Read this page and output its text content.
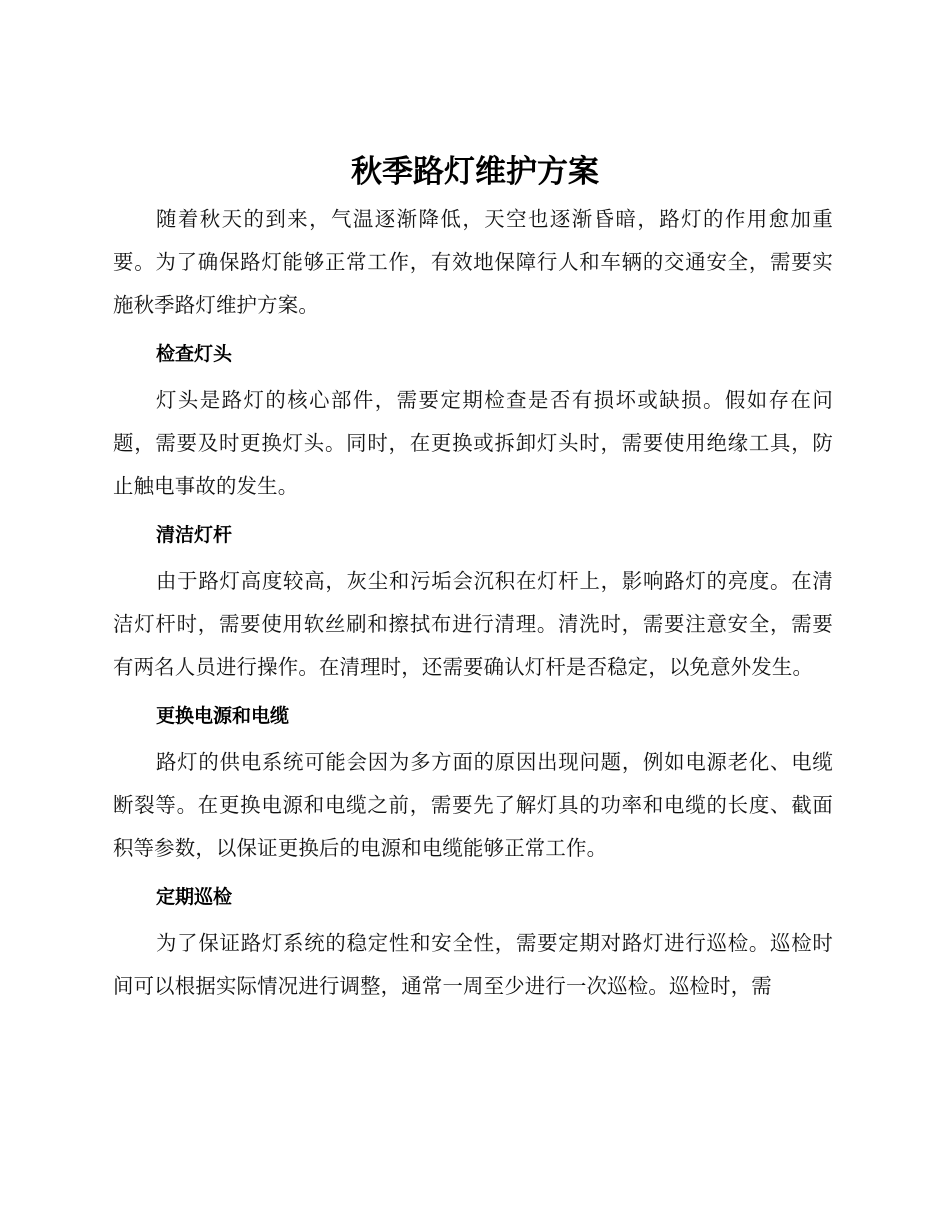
秋季路灯维护方案

随着秋天的到来，气温逐渐降低，天空也逐渐昏暗，路灯的作用愈加重要。为了确保路灯能够正常工作，有效地保障行人和车辆的交通安全，需要实施秋季路灯维护方案。

检查灯头

灯头是路灯的核心部件，需要定期检查是否有损坏或缺损。假如存在问题，需要及时更换灯头。同时，在更换或拆卸灯头时，需要使用绝缘工具，防止触电事故的发生。

清洁灯杆

由于路灯高度较高，灰尘和污垢会沉积在灯杆上，影响路灯的亮度。在清洁灯杆时，需要使用软丝刷和擦拭布进行清理。清洗时，需要注意安全，需要有两名人员进行操作。在清理时，还需要确认灯杆是否稳定，以免意外发生。

更换电源和电缆

路灯的供电系统可能会因为多方面的原因出现问题，例如电源老化、电缆断裂等。在更换电源和电缆之前，需要先了解灯具的功率和电缆的长度、截面积等参数，以保证更换后的电源和电缆能够正常工作。

定期巡检

为了保证路灯系统的稳定性和安全性，需要定期对路灯进行巡检。巡检时间可以根据实际情况进行调整，通常一周至少进行一次巡检。巡检时，需
